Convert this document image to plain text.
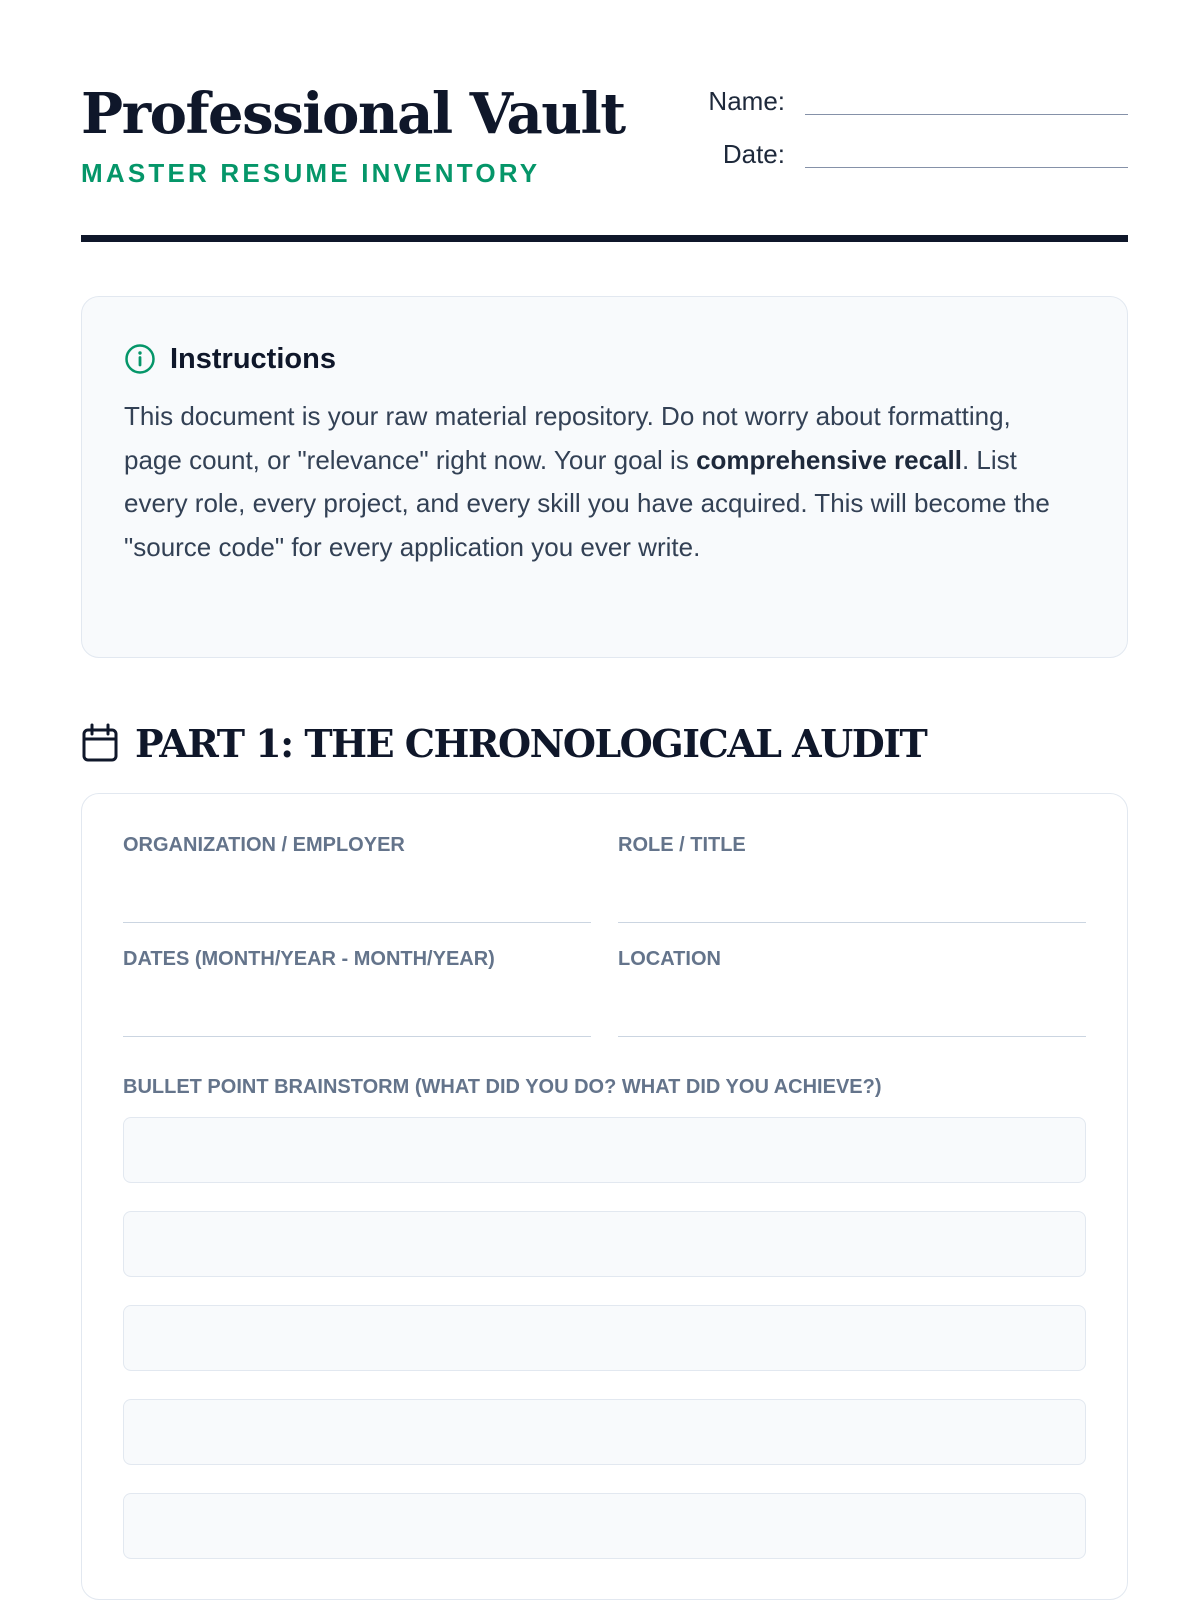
Professional Vault
MASTER RESUME INVENTORY
Name:
Date:
Instructions

This document is your raw material repository. Do not worry about formatting, page count, or "relevance" right now. Your goal is comprehensive recall. List every role, every project, and every skill you have acquired. This will become the "source code" for every application you ever write.

PART 1: THE CHRONOLOGICAL AUDIT
ORGANIZATION / EMPLOYER	ROLE / TITLE
DATES (MONTH/YEAR - MONTH/YEAR)	LOCATION
BULLET POINT BRAINSTORM (WHAT DID YOU DO? WHAT DID YOU ACHIEVE?)
